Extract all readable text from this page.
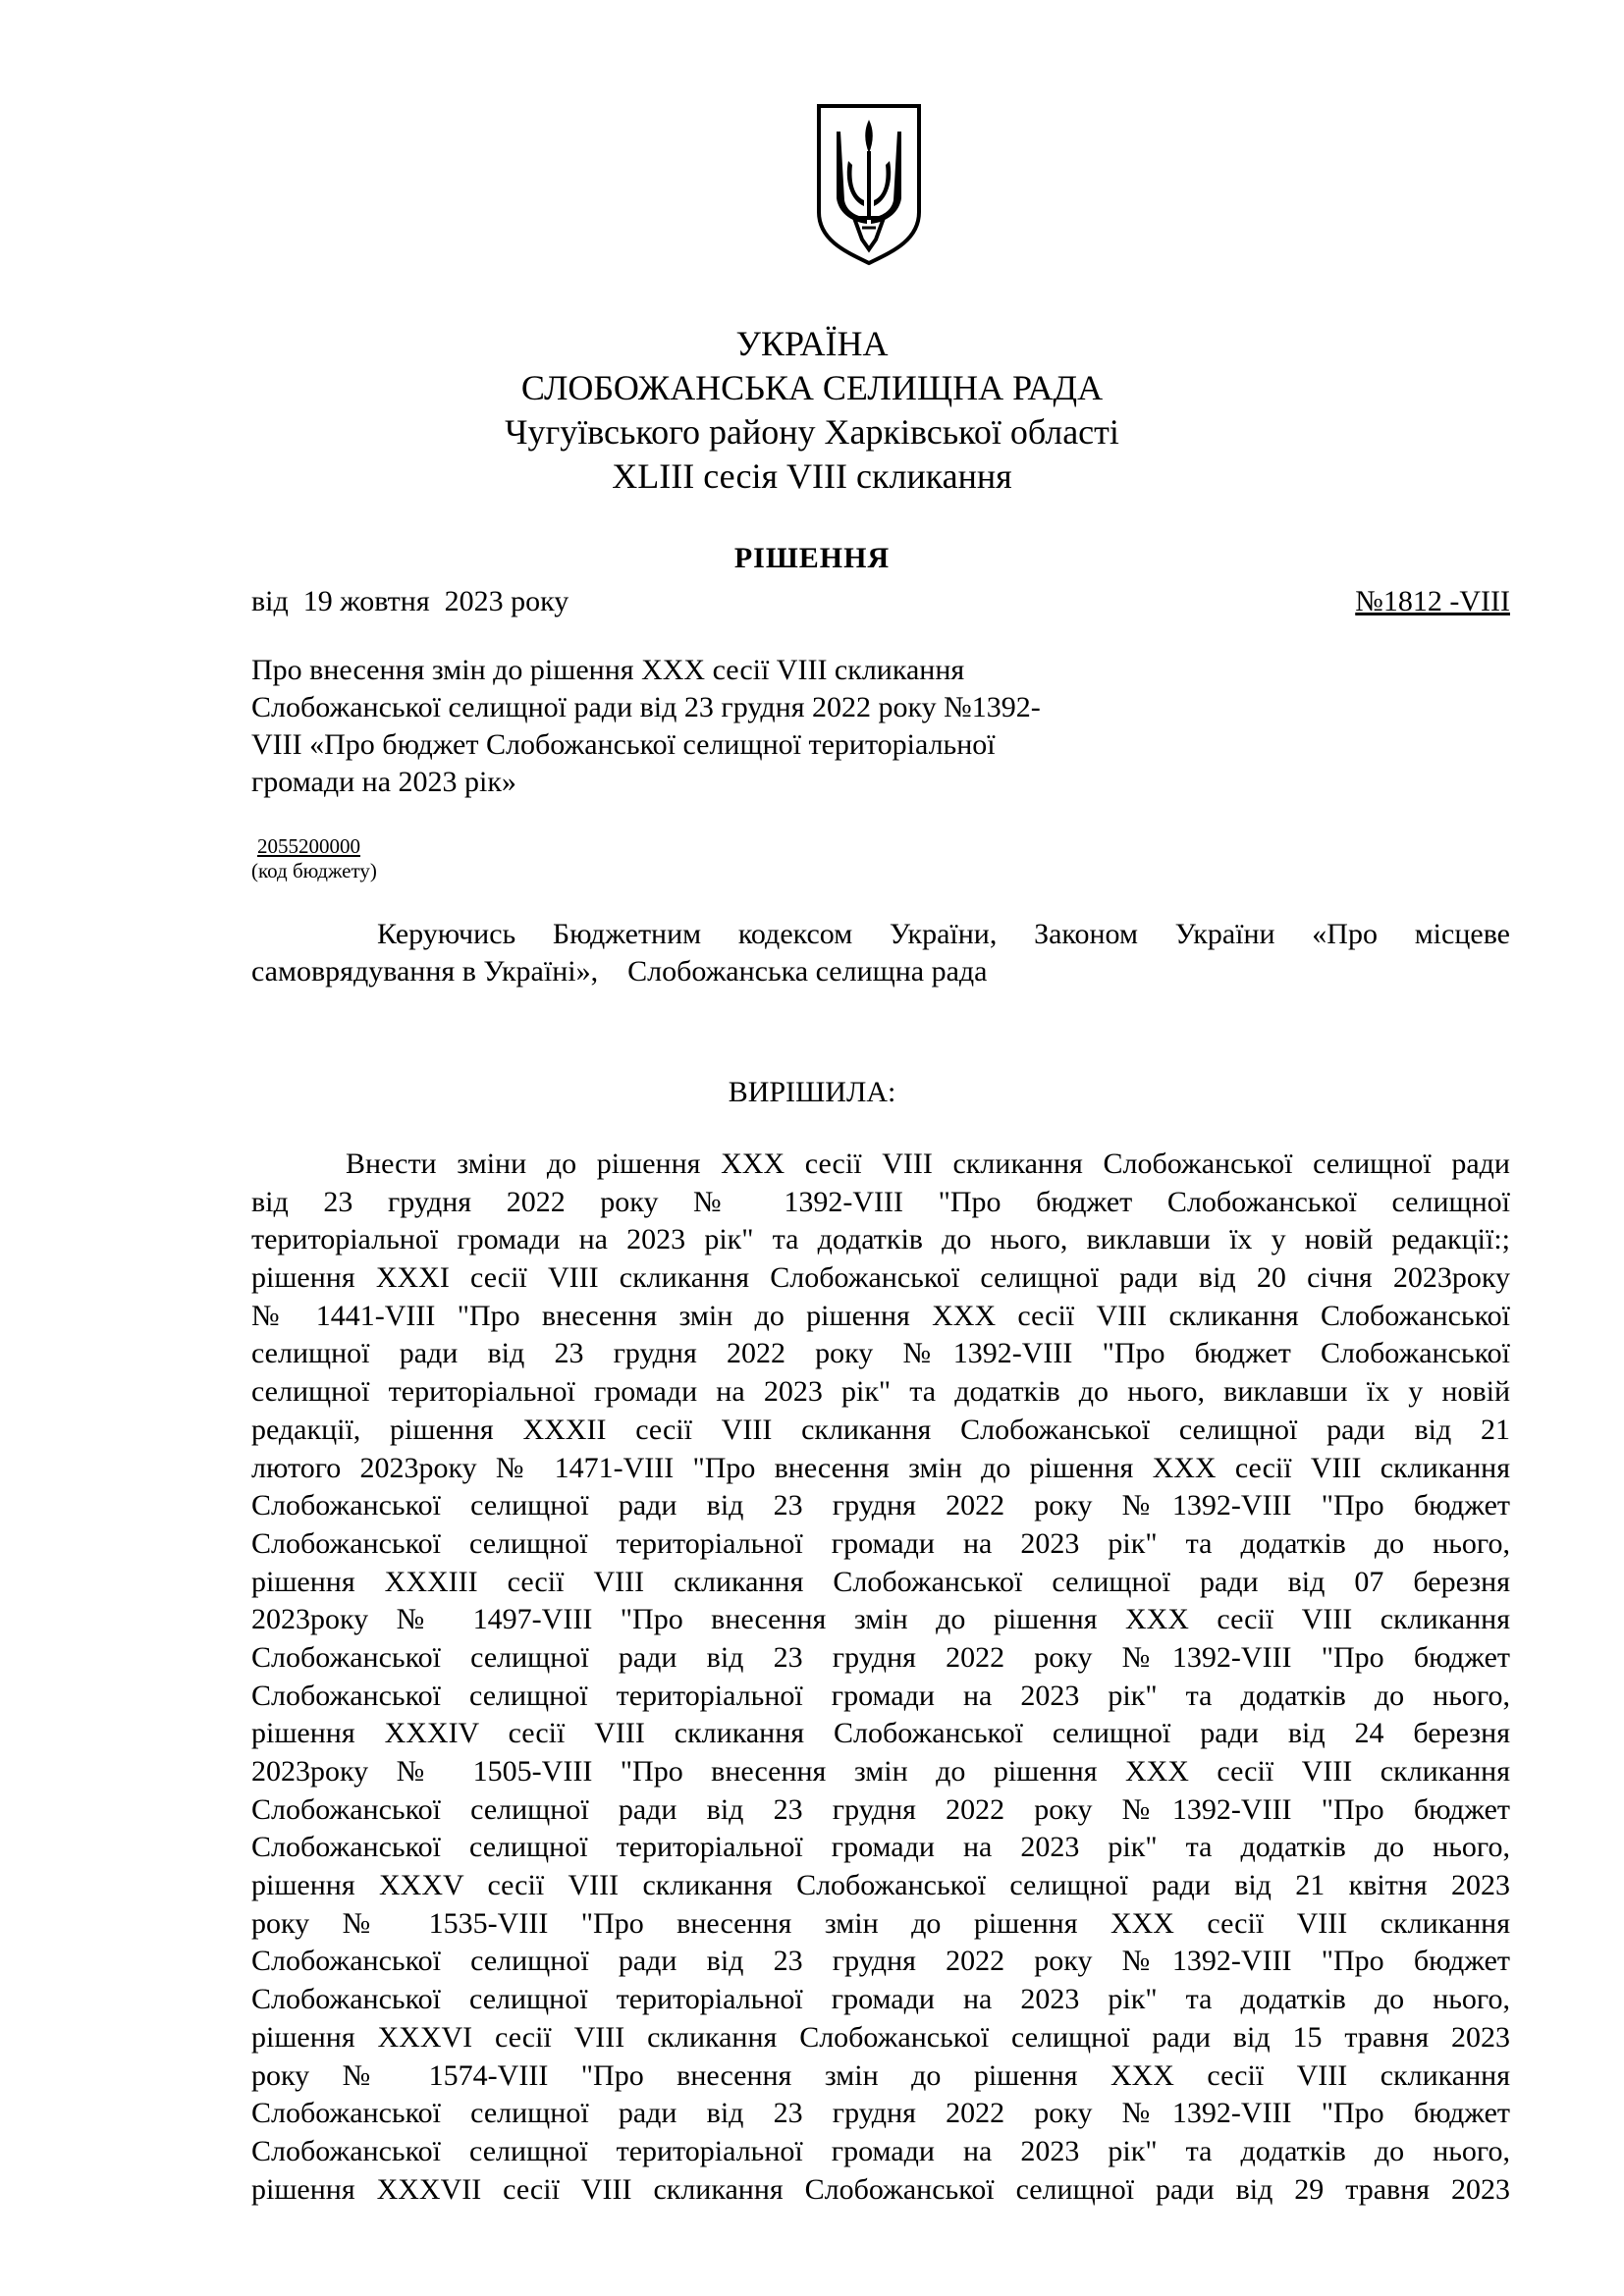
УКРАЇНА
СЛОБОЖАНСЬКА СЕЛИЩНА РАДА
Чугуївського району Харківської області
XLIII сесія VIII скликання
РІШЕННЯ
від  19 жовтня  2023 року	№1812 -VIII
Про внесення змін до рішення ХХХ сесії VIII скликання
Слобожанської селищної ради від 23 грудня 2022 року №1392-
VIII «Про бюджет Слобожанської селищної територіальної
громади на 2023 рік»
2055200000
(код бюджету)
Керуючись Бюджетним кодексом України, Законом України «Про місцеве
самоврядування в Україні»,    Слобожанська селищна рада
ВИРІШИЛА:
Внести зміни до рішення ХХХ сесії VIII скликання Слобожанської селищної ради
від 23 грудня 2022 року № 1392-VIII "Про бюджет Слобожанської селищної
територіальної громади на 2023 рік" та додатків до нього, виклавши їх у новій редакції:;
рішення ХХХІ сесії VIII скликання Слобожанської селищної ради від 20 січня 2023року
№ 1441-VIII "Про внесення змін до рішення ХХХ сесії VIII скликання Слобожанської
селищної ради від 23 грудня 2022 року №1392-VIII "Про бюджет Слобожанської
селищної територіальної громади на 2023 рік" та додатків до нього, виклавши їх у новій
редакції, рішення ХХХІІ сесії VIII скликання Слобожанської селищної ради від 21
лютого 2023року № 1471-VIII "Про внесення змін до рішення ХХХ сесії VIII скликання
Слобожанської селищної ради від 23 грудня 2022 року №1392-VIII "Про бюджет
Слобожанської селищної територіальної громади на 2023 рік" та додатків до нього,
рішення ХХХІІІ сесії VIII скликання Слобожанської селищної ради від 07 березня
2023року № 1497-VIII "Про внесення змін до рішення ХХХ сесії VIII скликання
Слобожанської селищної ради від 23 грудня 2022 року №1392-VIII "Про бюджет
Слобожанської селищної територіальної громади на 2023 рік" та додатків до нього,
рішення ХХХІV сесії VIII скликання Слобожанської селищної ради від 24 березня
2023року № 1505-VIII "Про внесення змін до рішення ХХХ сесії VIII скликання
Слобожанської селищної ради від 23 грудня 2022 року №1392-VIII "Про бюджет
Слобожанської селищної територіальної громади на 2023 рік" та додатків до нього,
рішення ХХХV сесії VIII скликання Слобожанської селищної ради від 21 квітня 2023
року № 1535-VIII "Про внесення змін до рішення ХХХ сесії VIII скликання
Слобожанської селищної ради від 23 грудня 2022 року №1392-VIII "Про бюджет
Слобожанської селищної територіальної громади на 2023 рік" та додатків до нього,
рішення ХХХVІ сесії VIII скликання Слобожанської селищної ради від 15 травня 2023
року № 1574-VIII "Про внесення змін до рішення ХХХ сесії VIII скликання
Слобожанської селищної ради від 23 грудня 2022 року №1392-VIII "Про бюджет
Слобожанської селищної територіальної громади на 2023 рік" та додатків до нього,
рішення ХХХVІІ сесії VIII скликання Слобожанської селищної ради від 29 травня 2023
